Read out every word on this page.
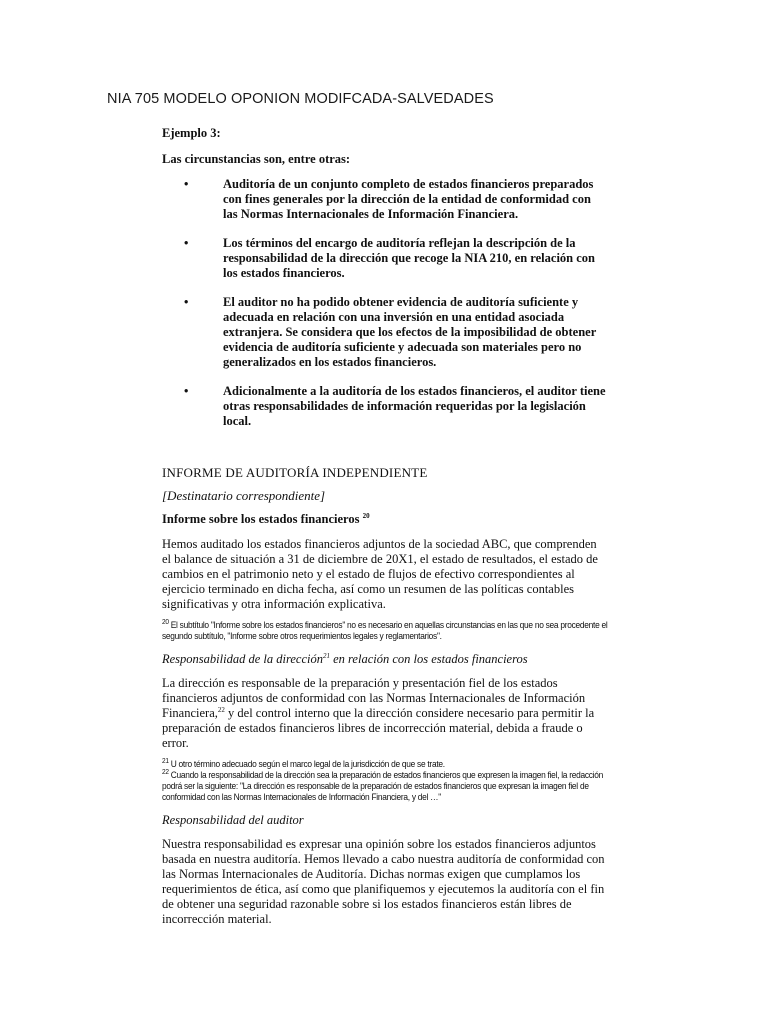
NIA 705 MODELO OPONION MODIFCADA-SALVEDADES

Ejemplo 3:

Las circunstancias son, entre otras:

•	Auditoría de un conjunto completo de estados financieros preparados con fines generales por la dirección de la entidad de conformidad con las Normas Internacionales de Información Financiera.
•	Los términos del encargo de auditoría reflejan la descripción de la responsabilidad de la dirección que recoge la NIA 210, en relación con los estados financieros.
•	El auditor no ha podido obtener evidencia de auditoría suficiente y adecuada en relación con una inversión en una entidad asociada extranjera. Se considera que los efectos de la imposibilidad de obtener evidencia de auditoría suficiente y adecuada son materiales pero no generalizados en los estados financieros.
•	Adicionalmente a la auditoría de los estados financieros, el auditor tiene otras responsabilidades de información requeridas por la legislación local.

INFORME DE AUDITORÍA INDEPENDIENTE

[Destinatario correspondiente]

Informe sobre los estados financieros $^{20}$

Hemos auditado los estados financieros adjuntos de la sociedad ABC, que comprenden el balance de situación a 31 de diciembre de 20X1, el estado de resultados, el estado de cambios en el patrimonio neto y el estado de flujos de efectivo correspondientes al ejercicio terminado en dicha fecha, así como un resumen de las políticas contables significativas y otra información explicativa.

$^{20}$ El subtítulo "Informe sobre los estados financieros" no es necesario en aquellas circunstancias en las que no sea procedente el segundo subtítulo, "Informe sobre otros requerimientos legales y reglamentarios".

Responsabilidad de la dirección$^{21}$ en relación con los estados financieros

La dirección es responsable de la preparación y presentación fiel de los estados financieros adjuntos de conformidad con las Normas Internacionales de Información Financiera,$^{22}$ y del control interno que la dirección considere necesario para permitir la preparación de estados financieros libres de incorrección material, debida a fraude o error.

$^{21}$ U otro término adecuado según el marco legal de la jurisdicción de que se trate.

$^{22}$ Cuando la responsabilidad de la dirección sea la preparación de estados financieros que expresen la imagen fiel, la redacción podrá ser la siguiente: "La dirección es responsable de la preparación de estados financieros que expresan la imagen fiel de conformidad con las Normas Internacionales de Información Financiera, y del …"

Responsabilidad del auditor

Nuestra responsabilidad es expresar una opinión sobre los estados financieros adjuntos basada en nuestra auditoría. Hemos llevado a cabo nuestra auditoría de conformidad con las Normas Internacionales de Auditoría. Dichas normas exigen que cumplamos los requerimientos de ética, así como que planifiquemos y ejecutemos la auditoría con el fin de obtener una seguridad razonable sobre si los estados financieros están libres de incorrección material.
